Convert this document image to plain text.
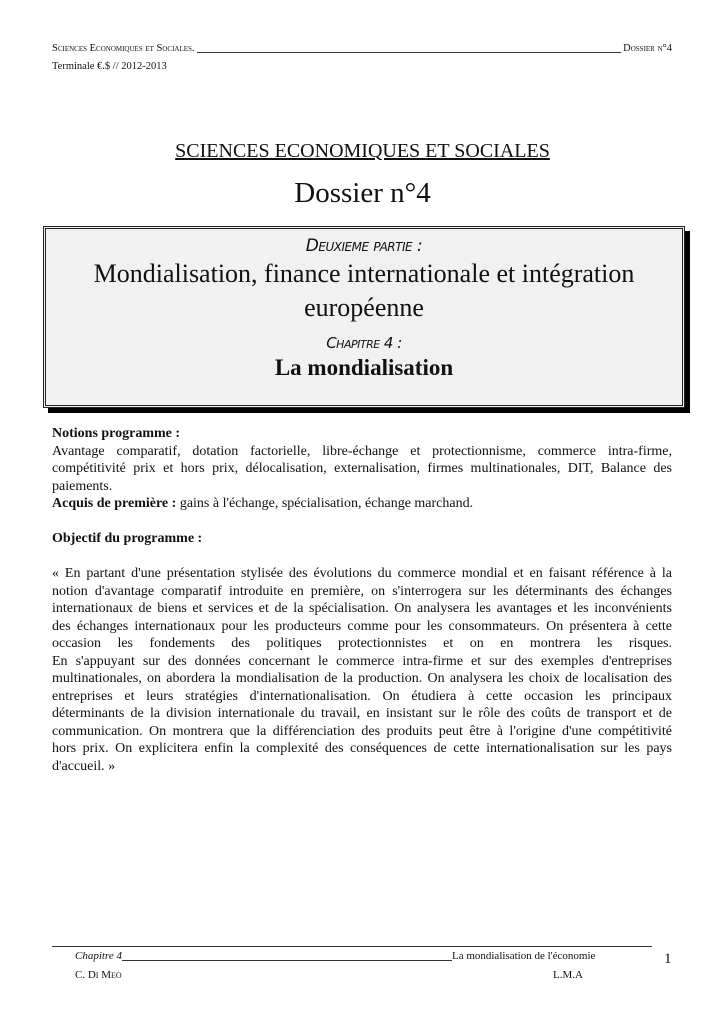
Sciences Economiques et Sociales.	Dossier n°4
Terminale €.$ // 2012-2013
SCIENCES ECONOMIQUES ET SOCIALES
Dossier n°4
Deuxieme partie :
Mondialisation, finance internationale et intégration
européenne
Chapitre 4 :
La mondialisation
Notions programme :
Avantage comparatif, dotation factorielle, libre-échange et protectionnisme, commerce intra-firme,
compétitivité prix et hors prix, délocalisation, externalisation, firmes multinationales, DIT, Balance des
paiements.
Acquis de première : gains à l'échange, spécialisation, échange marchand.
Objectif du programme :
« En partant d'une présentation stylisée des évolutions du commerce mondial et en faisant référence à la
notion d'avantage comparatif introduite en première, on s'interrogera sur les déterminants des échanges
internationaux de biens et services et de la spécialisation. On analysera les avantages et les inconvénients
des échanges internationaux pour les producteurs comme pour les consommateurs. On présentera à cette
occasion les fondements des politiques protectionnistes et on en montrera les risques.
En s'appuyant sur des données concernant le commerce intra-firme et sur des exemples d'entreprises
multinationales, on abordera la mondialisation de la production. On analysera les choix de localisation des
entreprises et leurs stratégies d'internationalisation. On étudiera à cette occasion les principaux
déterminants de la division internationale du travail, en insistant sur le rôle des coûts de transport et de
communication. On montrera que la différenciation des produits peut être à l'origine d'une compétitivité
hors prix. On explicitera enfin la complexité des conséquences de cette internationalisation sur les pays
d'accueil. »
Chapitre 4	La mondialisation de l'économie
C. Di Meo	L.M.A
1
